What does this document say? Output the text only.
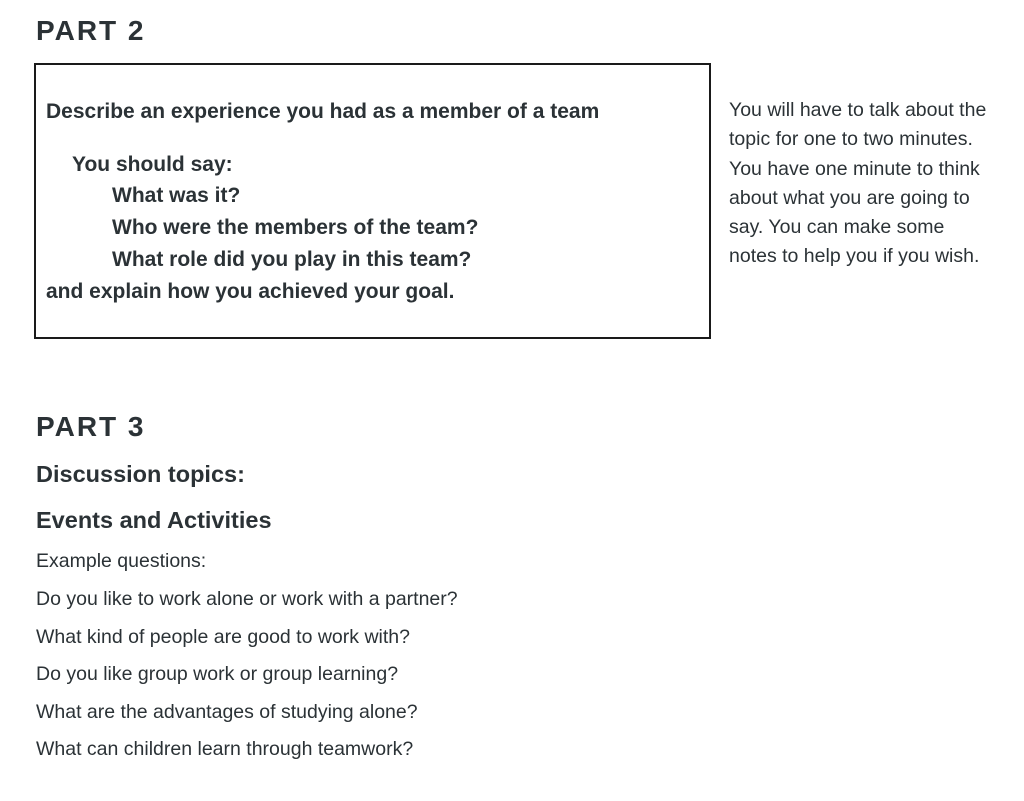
PART 2

Describe an experience you had as a member of a team

You should say:

What was it?

Who were the members of the team?

What role did you play in this team?

and explain how you achieved your goal.

You will have to talk about the topic for one to two minutes. You have one minute to think about what you are going to say. You can make some notes to help you if you wish.

PART 3
Discussion topics:
Events and Activities

Example questions:

Do you like to work alone or work with a partner?
What kind of people are good to work with?
Do you like group work or group learning?
What are the advantages of studying alone?
What can children learn through teamwork?
